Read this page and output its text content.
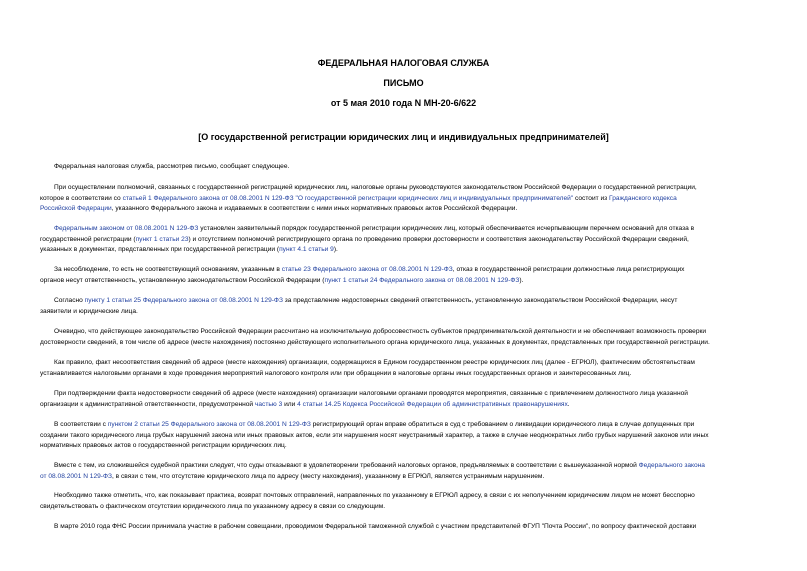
ФЕДЕРАЛЬНАЯ НАЛОГОВАЯ СЛУЖБА
ПИСЬМО
от 5 мая 2010 года N МН-20-6/622
[О государственной регистрации юридических лиц и индивидуальных предпринимателей]
Федеральная налоговая служба, рассмотрев письмо, сообщает следующее.
При осуществлении полномочий, связанных с государственной регистрацией юридических лиц, налоговые органы руководствуются законодательством Российской Федерации о государственной регистрации,
которое в соответствии со статьей 1 Федерального закона от 08.08.2001 N 129-ФЗ "О государственной регистрации юридических лиц и индивидуальных предпринимателей" состоит из Гражданского кодекса
Российской Федерации, указанного Федерального закона и издаваемых в соответствии с ними иных нормативных правовых актов Российской Федерации.
Федеральным законом от 08.08.2001 N 129-ФЗ установлен заявительный порядок государственной регистрации юридических лиц, который обеспечивается исчерпывающим перечнем оснований для отказа в
государственной регистрации (пункт 1 статьи 23) и отсутствием полномочий регистрирующего органа по проведению проверки достоверности и соответствия законодательству Российской Федерации сведений,
указанных в документах, представленных при государственной регистрации (пункт 4.1 статьи 9).
За несоблюдение, то есть не соответствующий основаниям, указанным в статье 23 Федерального закона от 08.08.2001 N 129-ФЗ, отказ в государственной регистрации должностные лица регистрирующих
органов несут ответственность, установленную законодательством Российской Федерации (пункт 1 статьи 24 Федерального закона от 08.08.2001 N 129-ФЗ).
Согласно пункту 1 статьи 25 Федерального закона от 08.08.2001 N 129-ФЗ за представление недостоверных сведений ответственность, установленную законодательством Российской Федерации, несут
заявители и юридические лица.
Очевидно, что действующее законодательство Российской Федерации рассчитано на исключительную добросовестность субъектов предпринимательской деятельности и не обеспечивает возможность проверки
достоверности сведений, в том числе об адресе (месте нахождения) постоянно действующего исполнительного органа юридического лица, указанных в документах, представленных при государственной регистрации.
Как правило, факт несоответствия сведений об адресе (месте нахождения) организации, содержащихся в Едином государственном реестре юридических лиц (далее - ЕГРЮЛ), фактическим обстоятельствам
устанавливается налоговыми органами в ходе проведения мероприятий налогового контроля или при обращении в налоговые органы иных государственных органов и заинтересованных лиц.
При подтверждении факта недостоверности сведений об адресе (месте нахождения) организации налоговыми органами проводятся мероприятия, связанные с привлечением должностного лица указанной
организации к административной ответственности, предусмотренной частью 3 или 4 статьи 14.25 Кодекса Российской Федерации об административных правонарушениях.
В соответствии с пунктом 2 статьи 25 Федерального закона от 08.08.2001 N 129-ФЗ регистрирующий орган вправе обратиться в суд с требованием о ликвидации юридического лица в случае допущенных при
создании такого юридического лица грубых нарушений закона или иных правовых актов, если эти нарушения носят неустранимый характер, а также в случае неоднократных либо грубых нарушений законов или иных
нормативных правовых актов о государственной регистрации юридических лиц.
Вместе с тем, из сложившейся судебной практики следует, что суды отказывают в удовлетворении требований налоговых органов, предъявляемых в соответствии с вышеуказанной нормой Федерального закона
от 08.08.2001 N 129-ФЗ, в связи с тем, что отсутствие юридического лица по адресу (месту нахождения), указанному в ЕГРЮЛ, является устранимым нарушением.
Необходимо также отметить, что, как показывает практика, возврат почтовых отправлений, направленных по указанному в ЕГРЮЛ адресу, в связи с их неполучением юридическим лицом не может бесспорно
свидетельствовать о фактическом отсутствии юридического лица по указанному адресу в связи со следующим.
В марте 2010 года ФНС России принимала участие в рабочем совещании, проводимом Федеральной таможенной службой с участием представителей ФГУП "Почта России", по вопросу фактической доставки
